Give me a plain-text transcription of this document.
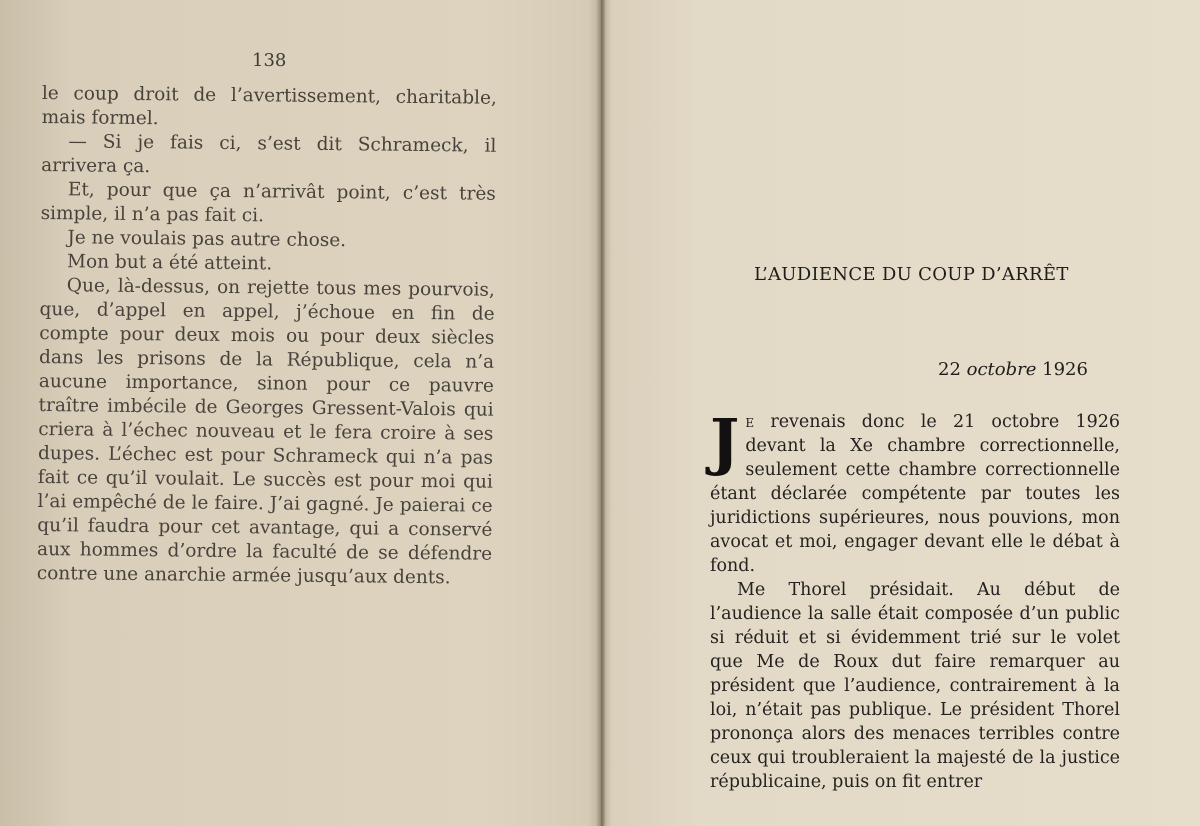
138

le coup droit de l’avertissement, charitable, mais formel.

— Si je fais ci, s’est dit Schrameck, il arrivera ça.

Et, pour que ça n’arrivât point, c’est très simple, il n’a pas fait ci.

Je ne voulais pas autre chose.

Mon but a été atteint.

Que, là-dessus, on rejette tous mes pourvois, que, d’appel en appel, j’échoue en fin de compte pour deux mois ou pour deux siècles dans les prisons de la République, cela n’a aucune importance, sinon pour ce pauvre traître imbécile de Georges Gressent-Valois qui criera à l’échec nouveau et le fera croire à ses dupes. L’échec est pour Schrameck qui n’a pas fait ce qu’il voulait. Le succès est pour moi qui l’ai empêché de le faire. J’ai gagné. Je paierai ce qu’il faudra pour cet avantage, qui a conservé aux hommes d’ordre la faculté de se défendre contre une anarchie armée jusqu’aux dents.

L’AUDIENCE DU COUP D’ARRÊT
22 octobre 1926

Je revenais donc le 21 octobre 1926 devant la Xe chambre correctionnelle, seulement cette chambre correctionnelle étant déclarée compétente par toutes les juridictions supérieures, nous pouvions, mon avocat et moi, engager devant elle le débat à fond.

Me Thorel présidait. Au début de l’audience la salle était composée d’un public si réduit et si évidemment trié sur le volet que Me de Roux dut faire remarquer au président que l’audience, contrairement à la loi, n’était pas publique. Le président Thorel prononça alors des menaces terribles contre ceux qui troubleraient la majesté de la justice républicaine, puis on fit entrer
